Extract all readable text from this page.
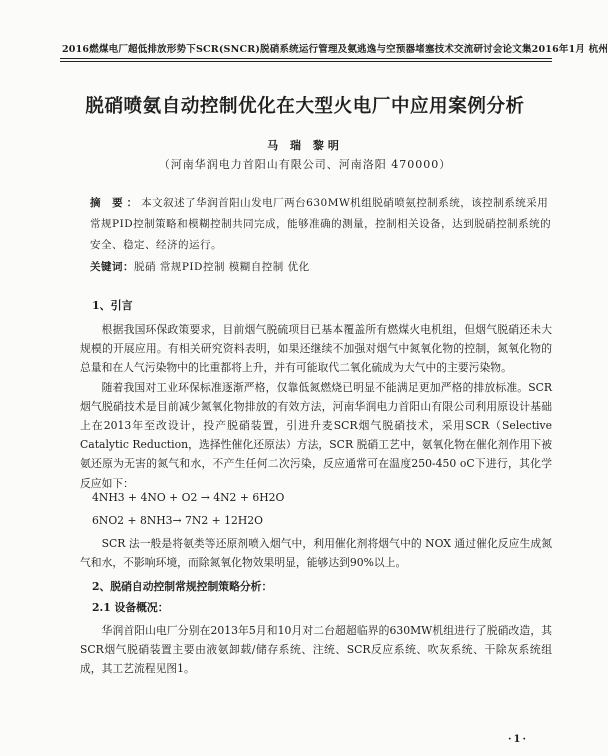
2016燃煤电厂超低排放形势下SCR(SNCR)脱硝系统运行管理及氨逃逸与空预器堵塞技术交流研讨会论文集 2016年1月 杭州
脱硝喷氨自动控制优化在大型火电厂中应用案例分析
马 瑞 黎明
（河南华润电力首阳山有限公司、河南洛阳 470000）
摘 要：本文叙述了华润首阳山发电厂两台630MW机组脱硝喷氨控制系统，该控制系统采用常规PID控制策略和模糊控制共同完成，能够准确的测量，控制相关设备，达到脱硝控制系统的安全、稳定、经济的运行。
关键词：脱硝 常规PID控制 模糊自控制 优化
1、引言

根据我国环保政策要求，目前烟气脱硫项目已基本覆盖所有燃煤火电机组，但烟气脱硝还未大规模的开展应用。有相关研究资料表明，如果还继续不加强对烟气中氮氧化物的控制，氮氧化物的总量和在人气污染物中的比重都将上升，并有可能取代二氧化硫成为大气中的主要污染物。

随着我国对工业环保标准逐渐严格，仅靠低氮燃烧已明显不能满足更加严格的排放标准。SCR烟气脱硝技术是目前减少氮氧化物排放的有效方法，河南华润电力首阳山有限公司利用原设计基础上在2013年至改设计，投产脱硝装置，引进升麦SCR烟气脱硝技术，采用SCR（Selective Catalytic Reduction，选择性催化还原法）方法，SCR 脱硝工艺中，氨氧化物在催化剂作用下被氨还原为无害的氮气和水，不产生任何二次污染，反应通常可在温度250-450 oC下进行，其化学反应如下：

4NH3 + 4NO + O2 → 4N2 + 6H2O
6NO2 + 8NH3→ 7N2 + 12H2O

SCR 法一般是将氨类等还原剂喷入烟气中，利用催化剂将烟气中的 NOX 通过催化反应生成氮气和水，不影响环境，而除氮氧化物效果明显，能够达到90%以上。

2、脱硝自动控制常规控制策略分析：
2.1 设备概况：

华润首阳山电厂分别在2013年5月和10月对二台超超临界的630MW机组进行了脱硝改造，其SCR烟气脱硝装置主要由液氨卸载/储存系统、注统、SCR反应系统、吹灰系统、干除灰系统组成，其工艺流程见图1。

·1·
